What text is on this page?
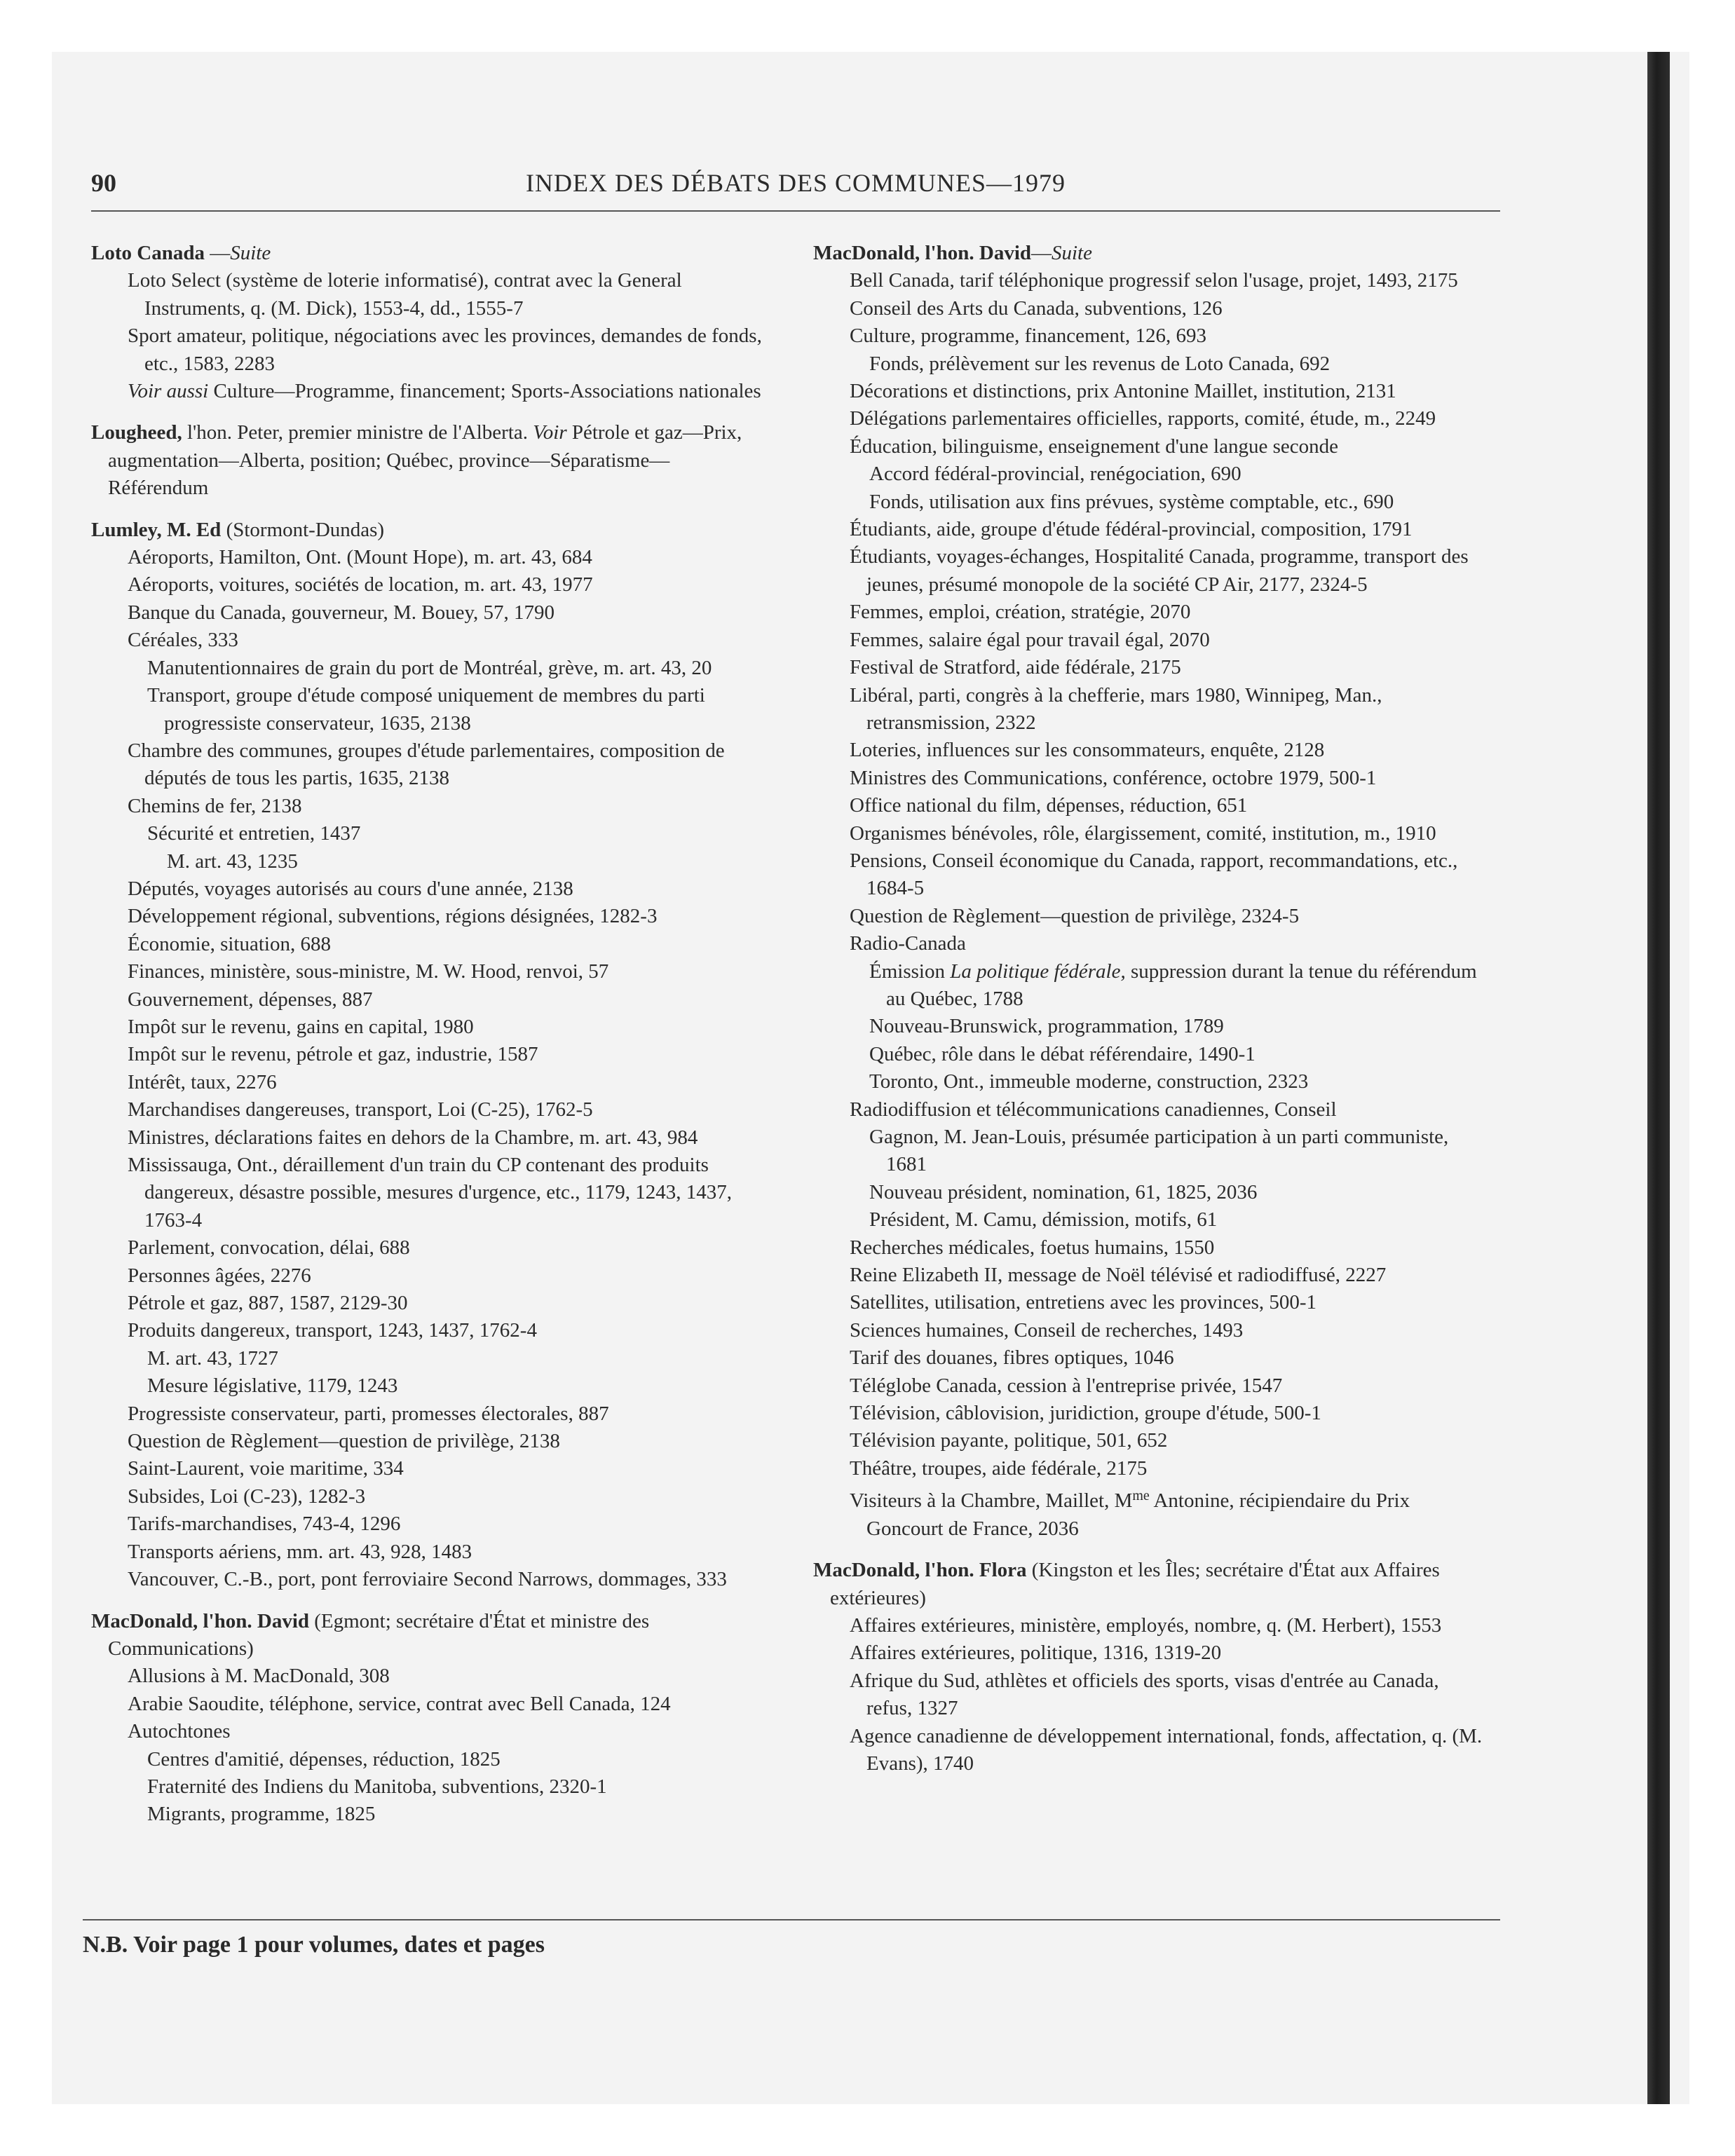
90	INDEX DES DÉBATS DES COMMUNES—1979
Loto Canada —Suite
Loto Select (système de loterie informatisé), contrat avec la General Instruments, q. (M. Dick), 1553-4, dd., 1555-7
Sport amateur, politique, négociations avec les provinces, demandes de fonds, etc., 1583, 2283
Voir aussi Culture—Programme, financement; Sports-Associations nationales
Lougheed, l'hon. Peter, premier ministre de l'Alberta. Voir Pétrole et gaz—Prix, augmentation—Alberta, position; Québec, province—Séparatisme—Référendum
Lumley, M. Ed (Stormont-Dundas)
Aéroports, Hamilton, Ont. (Mount Hope), m. art. 43, 684
Aéroports, voitures, sociétés de location, m. art. 43, 1977
Banque du Canada, gouverneur, M. Bouey, 57, 1790
Céréales, 333
Manutentionnaires de grain du port de Montréal, grève, m. art. 43, 20
Transport, groupe d'étude composé uniquement de membres du parti progressiste conservateur, 1635, 2138
Chambre des communes, groupes d'étude parlementaires, composition de députés de tous les partis, 1635, 2138
Chemins de fer, 2138
Sécurité et entretien, 1437
M. art. 43, 1235
Députés, voyages autorisés au cours d'une année, 2138
Développement régional, subventions, régions désignées, 1282-3
Économie, situation, 688
Finances, ministère, sous-ministre, M. W. Hood, renvoi, 57
Gouvernement, dépenses, 887
Impôt sur le revenu, gains en capital, 1980
Impôt sur le revenu, pétrole et gaz, industrie, 1587
Intérêt, taux, 2276
Marchandises dangereuses, transport, Loi (C-25), 1762-5
Ministres, déclarations faites en dehors de la Chambre, m. art. 43, 984
Mississauga, Ont., déraillement d'un train du CP contenant des produits dangereux, désastre possible, mesures d'urgence, etc., 1179, 1243, 1437, 1763-4
Parlement, convocation, délai, 688
Personnes âgées, 2276
Pétrole et gaz, 887, 1587, 2129-30
Produits dangereux, transport, 1243, 1437, 1762-4
M. art. 43, 1727
Mesure législative, 1179, 1243
Progressiste conservateur, parti, promesses électorales, 887
Question de Règlement—question de privilège, 2138
Saint-Laurent, voie maritime, 334
Subsides, Loi (C-23), 1282-3
Tarifs-marchandises, 743-4, 1296
Transports aériens, mm. art. 43, 928, 1483
Vancouver, C.-B., port, pont ferroviaire Second Narrows, dommages, 333
MacDonald, l'hon. David (Egmont; secrétaire d'État et ministre des Communications)
Allusions à M. MacDonald, 308
Arabie Saoudite, téléphone, service, contrat avec Bell Canada, 124
Autochtones
Centres d'amitié, dépenses, réduction, 1825
Fraternité des Indiens du Manitoba, subventions, 2320-1
Migrants, programme, 1825
MacDonald, l'hon. David—Suite
Bell Canada, tarif téléphonique progressif selon l'usage, projet, 1493, 2175
Conseil des Arts du Canada, subventions, 126
Culture, programme, financement, 126, 693
Fonds, prélèvement sur les revenus de Loto Canada, 692
Décorations et distinctions, prix Antonine Maillet, institution, 2131
Délégations parlementaires officielles, rapports, comité, étude, m., 2249
Éducation, bilinguisme, enseignement d'une langue seconde
Accord fédéral-provincial, renégociation, 690
Fonds, utilisation aux fins prévues, système comptable, etc., 690
Étudiants, aide, groupe d'étude fédéral-provincial, composition, 1791
Étudiants, voyages-échanges, Hospitalité Canada, programme, transport des jeunes, présumé monopole de la société CP Air, 2177, 2324-5
Femmes, emploi, création, stratégie, 2070
Femmes, salaire égal pour travail égal, 2070
Festival de Stratford, aide fédérale, 2175
Libéral, parti, congrès à la chefferie, mars 1980, Winnipeg, Man., retransmission, 2322
Loteries, influences sur les consommateurs, enquête, 2128
Ministres des Communications, conférence, octobre 1979, 500-1
Office national du film, dépenses, réduction, 651
Organismes bénévoles, rôle, élargissement, comité, institution, m., 1910
Pensions, Conseil économique du Canada, rapport, recommandations, etc., 1684-5
Question de Règlement—question de privilège, 2324-5
Radio-Canada
Émission La politique fédérale, suppression durant la tenue du référendum au Québec, 1788
Nouveau-Brunswick, programmation, 1789
Québec, rôle dans le débat référendaire, 1490-1
Toronto, Ont., immeuble moderne, construction, 2323
Radiodiffusion et télécommunications canadiennes, Conseil
Gagnon, M. Jean-Louis, présumée participation à un parti communiste, 1681
Nouveau président, nomination, 61, 1825, 2036
Président, M. Camu, démission, motifs, 61
Recherches médicales, foetus humains, 1550
Reine Elizabeth II, message de Noël télévisé et radiodiffusé, 2227
Satellites, utilisation, entretiens avec les provinces, 500-1
Sciences humaines, Conseil de recherches, 1493
Tarif des douanes, fibres optiques, 1046
Téléglobe Canada, cession à l'entreprise privée, 1547
Télévision, câblovision, juridiction, groupe d'étude, 500-1
Télévision payante, politique, 501, 652
Théâtre, troupes, aide fédérale, 2175
Visiteurs à la Chambre, Maillet, $M^{me}$ Antonine, récipiendaire du Prix Goncourt de France, 2036
MacDonald, l'hon. Flora (Kingston et les Îles; secrétaire d'État aux Affaires extérieures)
Affaires extérieures, ministère, employés, nombre, q. (M. Herbert), 1553
Affaires extérieures, politique, 1316, 1319-20
Afrique du Sud, athlètes et officiels des sports, visas d'entrée au Canada, refus, 1327
Agence canadienne de développement international, fonds, affectation, q. (M. Evans), 1740
N.B. Voir page 1 pour volumes, dates et pages
